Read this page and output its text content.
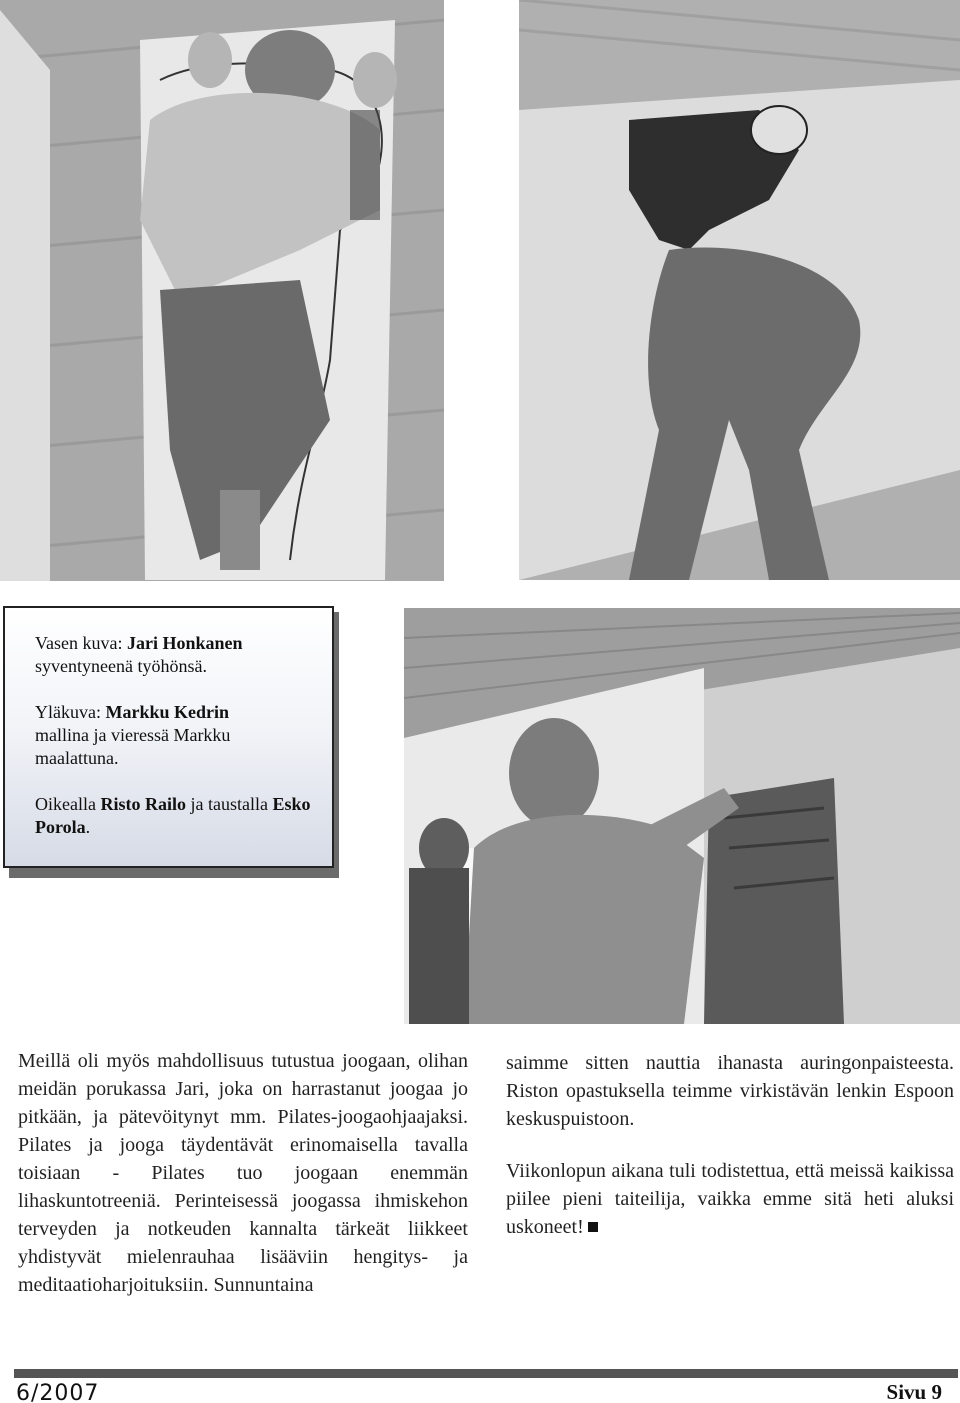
Vasen kuva: Jari Honkanen
syventyneenä työhönsä.

Yläkuva: Markku Kedrin
mallina ja vieressä Markku maalattuna.

Oikealla Risto Railo ja taustalla Esko Porola.

Meillä oli myös mahdollisuus tutustua joogaan, olihan meidän porukassa Jari, joka on harrastanut joogaa jo pitkään, ja pätevöitynyt mm. Pilates-joogaohjaajaksi. Pilates ja jooga täydentävät erinomaisella tavalla toisiaan - Pilates tuo joogaan enemmän lihaskuntotreeniä. Perinteisessä joogassa ihmiskehon terveyden ja notkeuden kannalta tärkeät liikkeet yhdistyvät mielenrauhaa lisääviin hengitys- ja meditaatioharjoituksiin. Sunnuntaina

saimme sitten nauttia ihanasta auringonpaisteesta. Riston opastuksella teimme virkistävän lenkin Espoon keskuspuistoon.

Viikonlopun aikana tuli todistettua, että meissä kaikissa piilee pieni taiteilija, vaikka emme sitä heti aluksi uskoneet!

6/2007	Sivu 9
